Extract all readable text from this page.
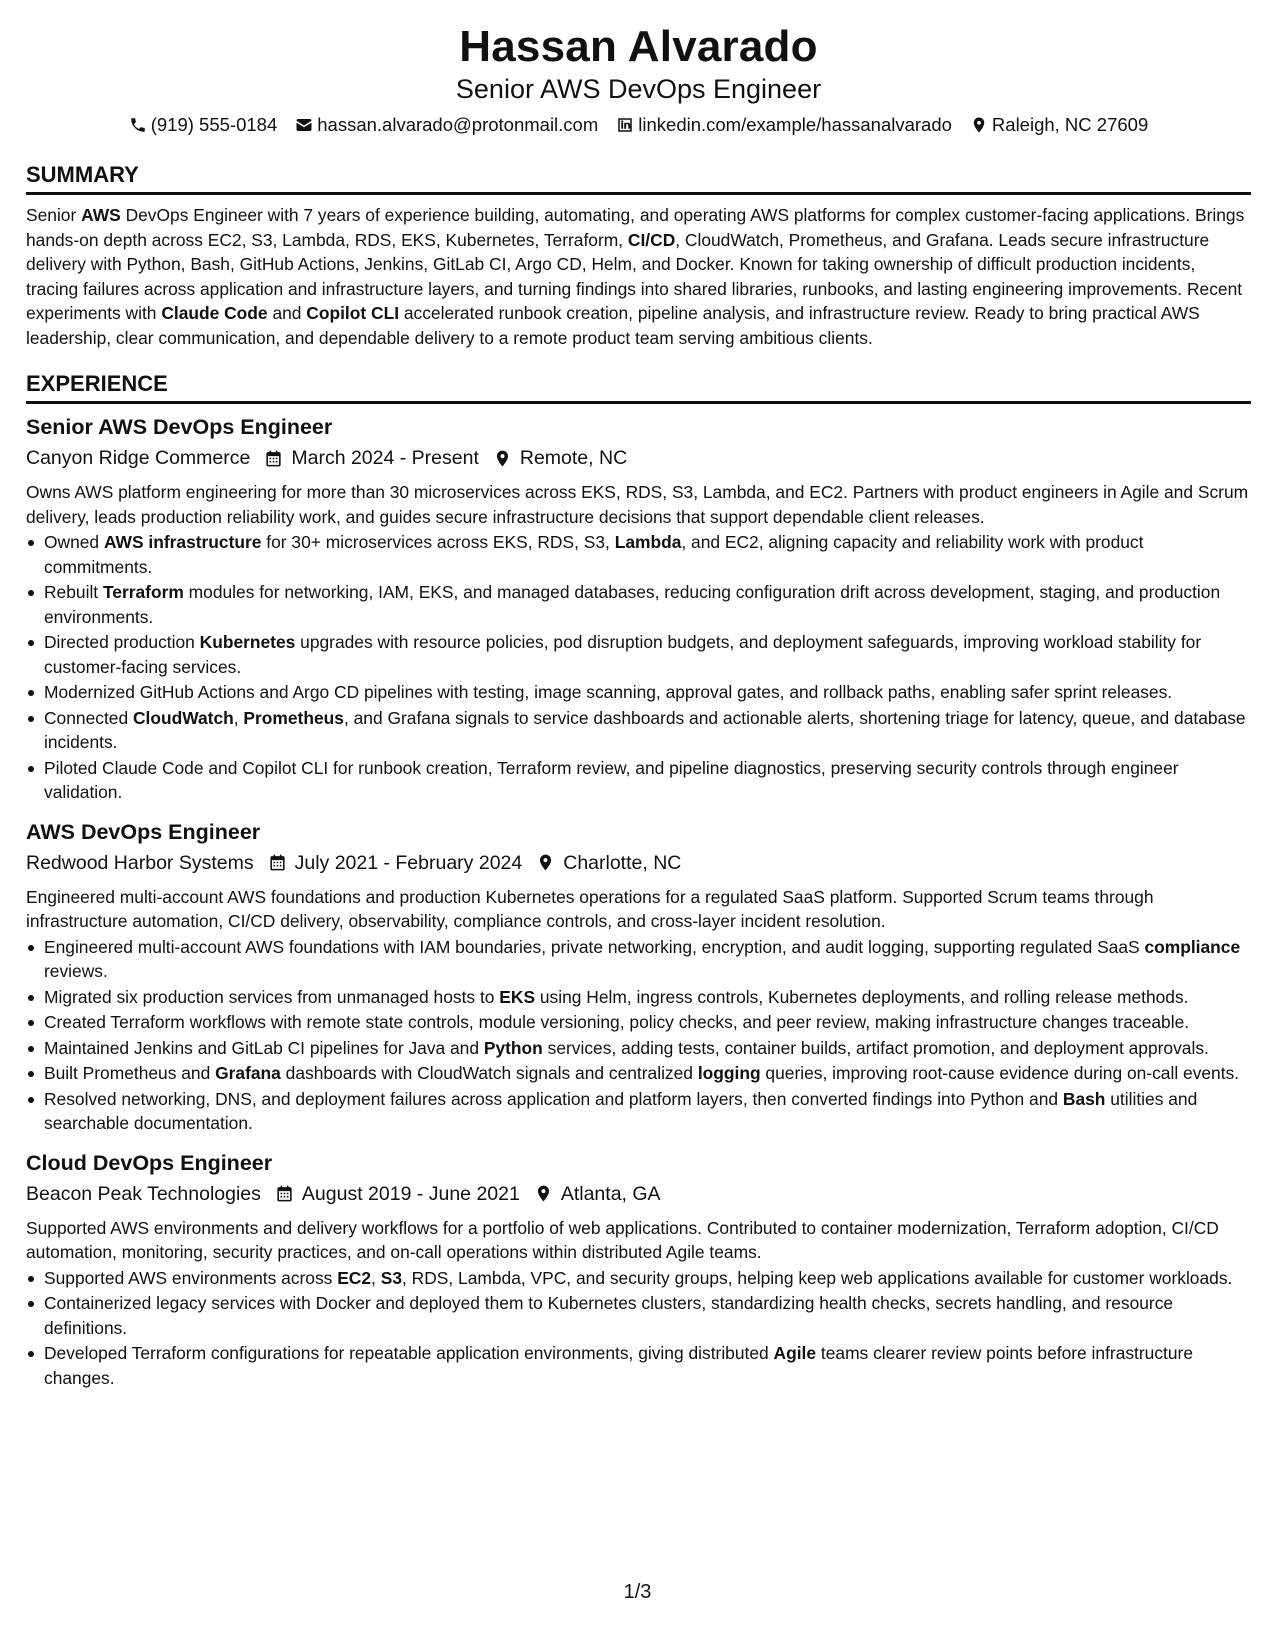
Hassan Alvarado
Senior AWS DevOps Engineer
(919) 555-0184 hassan.alvarado@protonmail.com linkedin.com/example/hassanalvarado Raleigh, NC 27609
SUMMARY
Senior AWS DevOps Engineer with 7 years of experience building, automating, and operating AWS platforms for complex customer-facing applications. Brings hands-on depth across EC2, S3, Lambda, RDS, EKS, Kubernetes, Terraform, CI/CD, CloudWatch, Prometheus, and Grafana. Leads secure infrastructure delivery with Python, Bash, GitHub Actions, Jenkins, GitLab CI, Argo CD, Helm, and Docker. Known for taking ownership of difficult production incidents, tracing failures across application and infrastructure layers, and turning findings into shared libraries, runbooks, and lasting engineering improvements. Recent experiments with Claude Code and Copilot CLI accelerated runbook creation, pipeline analysis, and infrastructure review. Ready to bring practical AWS leadership, clear communication, and dependable delivery to a remote product team serving ambitious clients.
EXPERIENCE
Senior AWS DevOps Engineer
Canyon Ridge Commerce March 2024 - Present Remote, NC
Owns AWS platform engineering for more than 30 microservices across EKS, RDS, S3, Lambda, and EC2. Partners with product engineers in Agile and Scrum delivery, leads production reliability work, and guides secure infrastructure decisions that support dependable client releases.
Owned AWS infrastructure for 30+ microservices across EKS, RDS, S3, Lambda, and EC2, aligning capacity and reliability work with product commitments.
Rebuilt Terraform modules for networking, IAM, EKS, and managed databases, reducing configuration drift across development, staging, and production environments.
Directed production Kubernetes upgrades with resource policies, pod disruption budgets, and deployment safeguards, improving workload stability for customer-facing services.
Modernized GitHub Actions and Argo CD pipelines with testing, image scanning, approval gates, and rollback paths, enabling safer sprint releases.
Connected CloudWatch, Prometheus, and Grafana signals to service dashboards and actionable alerts, shortening triage for latency, queue, and database incidents.
Piloted Claude Code and Copilot CLI for runbook creation, Terraform review, and pipeline diagnostics, preserving security controls through engineer validation.
AWS DevOps Engineer
Redwood Harbor Systems July 2021 - February 2024 Charlotte, NC
Engineered multi-account AWS foundations and production Kubernetes operations for a regulated SaaS platform. Supported Scrum teams through infrastructure automation, CI/CD delivery, observability, compliance controls, and cross-layer incident resolution.
Engineered multi-account AWS foundations with IAM boundaries, private networking, encryption, and audit logging, supporting regulated SaaS compliance reviews.
Migrated six production services from unmanaged hosts to EKS using Helm, ingress controls, Kubernetes deployments, and rolling release methods.
Created Terraform workflows with remote state controls, module versioning, policy checks, and peer review, making infrastructure changes traceable.
Maintained Jenkins and GitLab CI pipelines for Java and Python services, adding tests, container builds, artifact promotion, and deployment approvals.
Built Prometheus and Grafana dashboards with CloudWatch signals and centralized logging queries, improving root-cause evidence during on-call events.
Resolved networking, DNS, and deployment failures across application and platform layers, then converted findings into Python and Bash utilities and searchable documentation.
Cloud DevOps Engineer
Beacon Peak Technologies August 2019 - June 2021 Atlanta, GA
Supported AWS environments and delivery workflows for a portfolio of web applications. Contributed to container modernization, Terraform adoption, CI/CD automation, monitoring, security practices, and on-call operations within distributed Agile teams.
Supported AWS environments across EC2, S3, RDS, Lambda, VPC, and security groups, helping keep web applications available for customer workloads.
Containerized legacy services with Docker and deployed them to Kubernetes clusters, standardizing health checks, secrets handling, and resource definitions.
Developed Terraform configurations for repeatable application environments, giving distributed Agile teams clearer review points before infrastructure changes.
1/3
